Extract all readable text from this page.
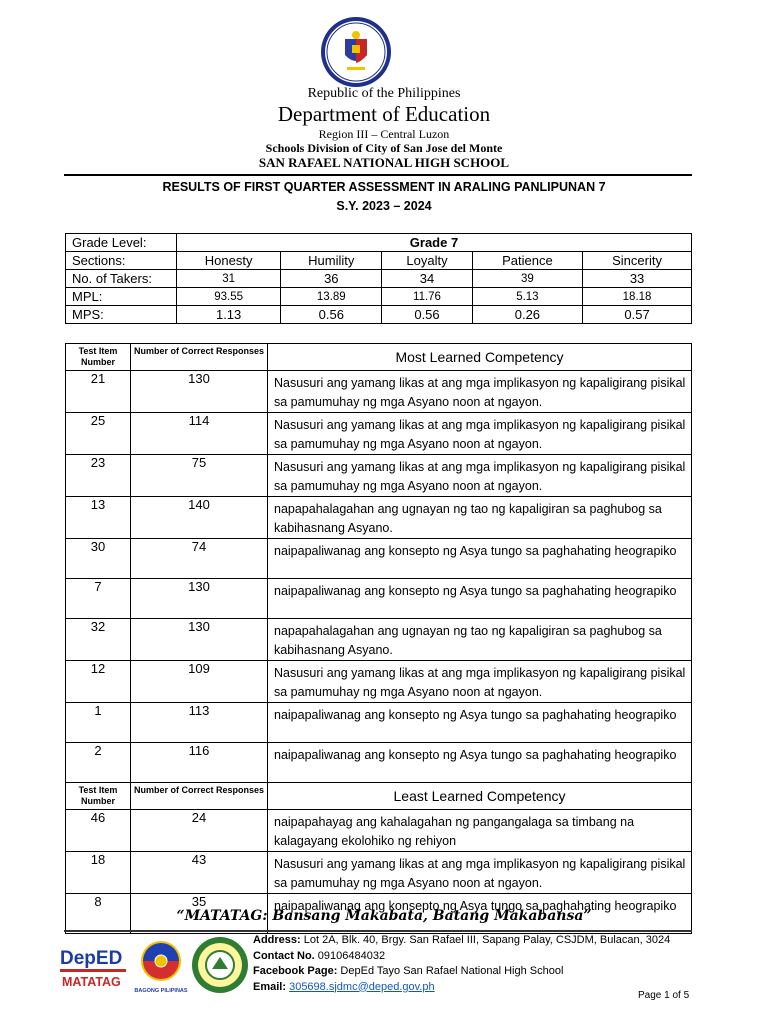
Republic of the Philippines
Department of Education
Region III – Central Luzon
Schools Division of City of San Jose del Monte
SAN RAFAEL NATIONAL HIGH SCHOOL
RESULTS OF FIRST QUARTER ASSESSMENT IN ARALING PANLIPUNAN 7
S.Y. 2023 – 2024
Grade Level:	Grade 7				
Sections:	Honesty	Humility	Loyalty	Patience	Sincerity
No. of Takers:	31	36	34	39	33
MPL:	93.55	13.89	11.76	5.13	18.18
MPS:	1.13	0.56	0.56	0.26	0.57
Test Item Number	Number of Correct Responses	Most Learned Competency
21	130	Nasusuri ang yamang likas at ang mga implikasyon ng kapaligirang pisikal sa pamumuhay ng mga Asyano noon at ngayon.
25	114	Nasusuri ang yamang likas at ang mga implikasyon ng kapaligirang pisikal sa pamumuhay ng mga Asyano noon at ngayon.
23	75	Nasusuri ang yamang likas at ang mga implikasyon ng kapaligirang pisikal sa pamumuhay ng mga Asyano noon at ngayon.
13	140	napapahalagahan ang ugnayan ng tao ng kapaligiran sa paghubog sa kabihasnang Asyano.
30	74	naipapaliwanag ang konsepto ng Asya tungo sa paghahating heograpiko
7	130	naipapaliwanag ang konsepto ng Asya tungo sa paghahating heograpiko
32	130	napapahalagahan ang ugnayan ng tao ng kapaligiran sa paghubog sa kabihasnang Asyano.
12	109	Nasusuri ang yamang likas at ang mga implikasyon ng kapaligirang pisikal sa pamumuhay ng mga Asyano noon at ngayon.
1	113	naipapaliwanag ang konsepto ng Asya tungo sa paghahating heograpiko
2	116	naipapaliwanag ang konsepto ng Asya tungo sa paghahating heograpiko
Test Item Number	Number of Correct Responses	Least Learned Competency
46	24	naipapahayag ang kahalagahan ng pangangalaga sa timbang na kalagayang ekolohiko ng rehiyon
18	43	Nasusuri ang yamang likas at ang mga implikasyon ng kapaligirang pisikal sa pamumuhay ng mga Asyano noon at ngayon.
8	35	naipapaliwanag ang konsepto ng Asya tungo sa paghahating heograpiko
“MATATAG: Bansang Makabata, Batang Makabansa”
DepED
MATATAG
BAGONG PILIPINAS
Address: Lot 2A, Blk. 40, Brgy. San Rafael III, Sapang Palay, CSJDM, Bulacan, 3024
Contact No. 09106484032
Facebook Page: DepEd Tayo San Rafael National High School
Email: 305698.sjdmc@deped.gov.ph
Page 1 of 5
